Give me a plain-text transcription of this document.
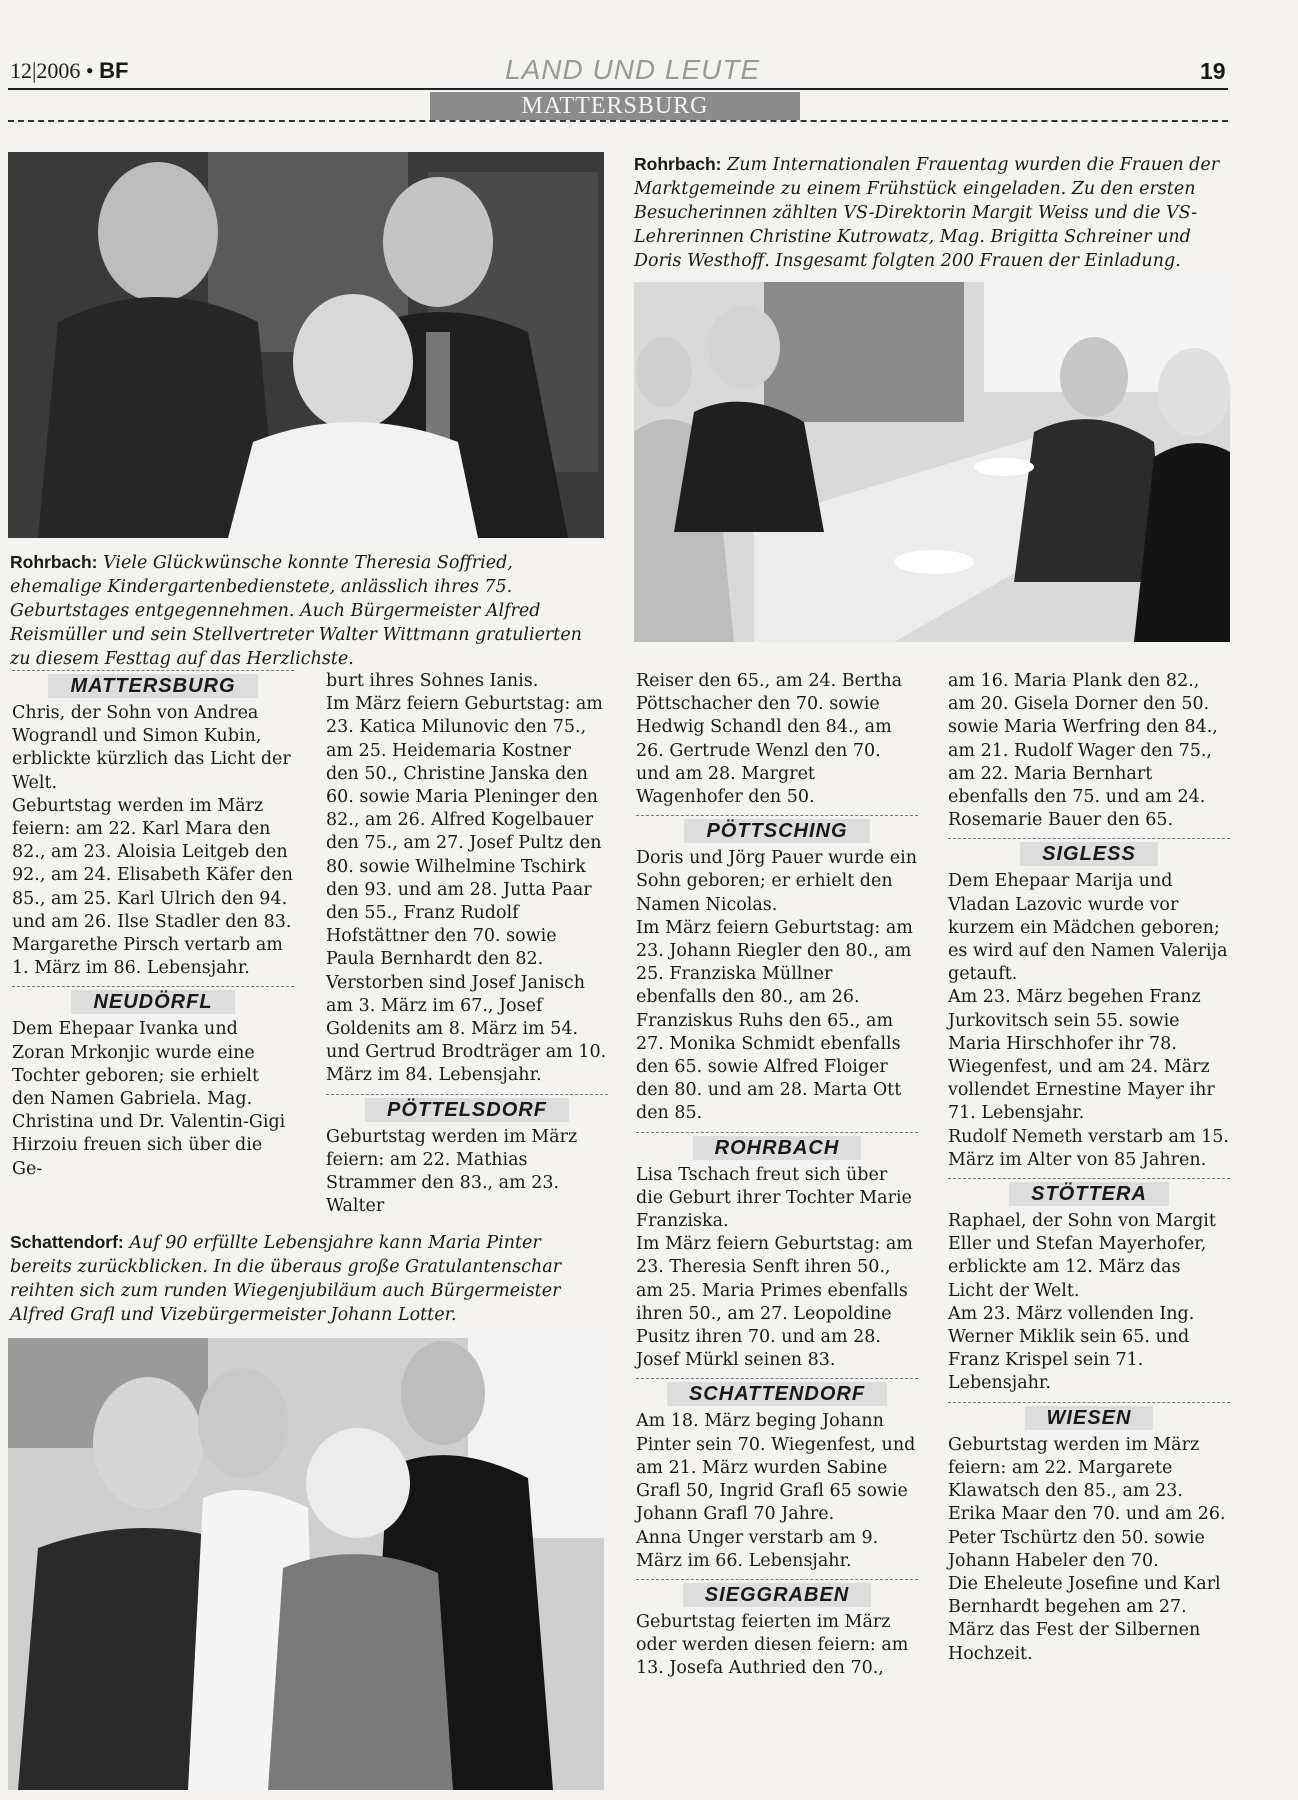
12|2006 • BF	LAND UND LEUTE	19
MATTERSBURG
Rohrbach: Zum Internationalen Frauentag wurden die Frauen der Marktgemeinde zu einem Frühstück eingeladen. Zu den ersten Besucherinnen zählten VS-Direktorin Margit Weiss und die VS-Lehrerinnen Christine Kutrowatz, Mag. Brigitta Schreiner und Doris Westhoff. Insgesamt folgten 200 Frauen der Einladung.
Rohrbach: Viele Glückwünsche konnte Theresia Soffried, ehemalige Kindergartenbedienstete, anlässlich ihres 75. Geburtstages entgegennehmen. Auch Bürgermeister Alfred Reismüller und sein Stellvertreter Walter Wittmann gratulierten zu diesem Festtag auf das Herzlichste.
Schattendorf: Auf 90 erfüllte Lebensjahre kann Maria Pinter bereits zurückblicken. In die überaus große Gratulantenschar reihten sich zum runden Wiegenjubiläum auch Bürgermeister Alfred Grafl und Vizebürgermeister Johann Lotter.
MATTERSBURG

Chris, der Sohn von Andrea Wograndl und Simon Kubin, erblickte kürzlich das Licht der Welt.

Geburtstag werden im März feiern: am 22. Karl Mara den 82., am 23. Aloisia Leitgeb den 92., am 24. Elisabeth Käfer den 85., am 25. Karl Ulrich den 94. und am 26. Ilse Stadler den 83.

Margarethe Pirsch vertarb am 1. März im 86. Lebensjahr.

NEUDÖRFL

Dem Ehepaar Ivanka und Zoran Mrkonjic wurde eine Tochter geboren; sie erhielt den Namen Gabriela. Mag. Christina und Dr. Valentin-Gigi Hirzoiu freuen sich über die Ge-

burt ihres Sohnes Ianis.

Im März feiern Geburtstag: am 23. Katica Milunovic den 75., am 25. Heidemaria Kostner den 50., Christine Janska den 60. sowie Maria Pleninger den 82., am 26. Alfred Kogelbauer den 75., am 27. Josef Pultz den 80. sowie Wilhelmine Tschirk den 93. und am 28. Jutta Paar den 55., Franz Rudolf Hofstättner den 70. sowie Paula Bernhardt den 82.

Verstorben sind Josef Janisch am 3. März im 67., Josef Goldenits am 8. März im 54. und Gertrud Brodträger am 10. März im 84. Lebensjahr.

PÖTTELSDORF

Geburtstag werden im März feiern: am 22. Mathias Strammer den 83., am 23. Walter

Reiser den 65., am 24. Bertha Pöttschacher den 70. sowie Hedwig Schandl den 84., am 26. Gertrude Wenzl den 70. und am 28. Margret Wagenhofer den 50.

PÖTTSCHING

Doris und Jörg Pauer wurde ein Sohn geboren; er erhielt den Namen Nicolas.

Im März feiern Geburtstag: am 23. Johann Riegler den 80., am 25. Franziska Müllner ebenfalls den 80., am 26. Franziskus Ruhs den 65., am 27. Monika Schmidt ebenfalls den 65. sowie Alfred Floiger den 80. und am 28. Marta Ott den 85.

ROHRBACH

Lisa Tschach freut sich über die Geburt ihrer Tochter Marie Franziska.

Im März feiern Geburtstag: am 23. Theresia Senft ihren 50., am 25. Maria Primes ebenfalls ihren 50., am 27. Leopoldine Pusitz ihren 70. und am 28. Josef Mürkl seinen 83.

SCHATTENDORF

Am 18. März beging Johann Pinter sein 70. Wiegenfest, und am 21. März wurden Sabine Grafl 50, Ingrid Grafl 65 sowie Johann Grafl 70 Jahre.

Anna Unger verstarb am 9. März im 66. Lebensjahr.

SIEGGRABEN

Geburtstag feierten im März oder werden diesen feiern: am 13. Josefa Authried den 70.,

am 16. Maria Plank den 82., am 20. Gisela Dorner den 50. sowie Maria Werfring den 84., am 21. Rudolf Wager den 75., am 22. Maria Bernhart ebenfalls den 75. und am 24. Rosemarie Bauer den 65.

SIGLESS

Dem Ehepaar Marija und Vladan Lazovic wurde vor kurzem ein Mädchen geboren; es wird auf den Namen Valerija getauft.

Am 23. März begehen Franz Jurkovitsch sein 55. sowie Maria Hirschhofer ihr 78. Wiegenfest, und am 24. März vollendet Ernestine Mayer ihr 71. Lebensjahr.

Rudolf Nemeth verstarb am 15. März im Alter von 85 Jahren.

STÖTTERA

Raphael, der Sohn von Margit Eller und Stefan Mayerhofer, erblickte am 12. März das Licht der Welt.

Am 23. März vollenden Ing. Werner Miklik sein 65. und Franz Krispel sein 71. Lebensjahr.

WIESEN

Geburtstag werden im März feiern: am 22. Margarete Klawatsch den 85., am 23. Erika Maar den 70. und am 26. Peter Tschürtz den 50. sowie Johann Habeler den 70.

Die Eheleute Josefine und Karl Bernhardt begehen am 27. März das Fest der Silbernen Hochzeit.
